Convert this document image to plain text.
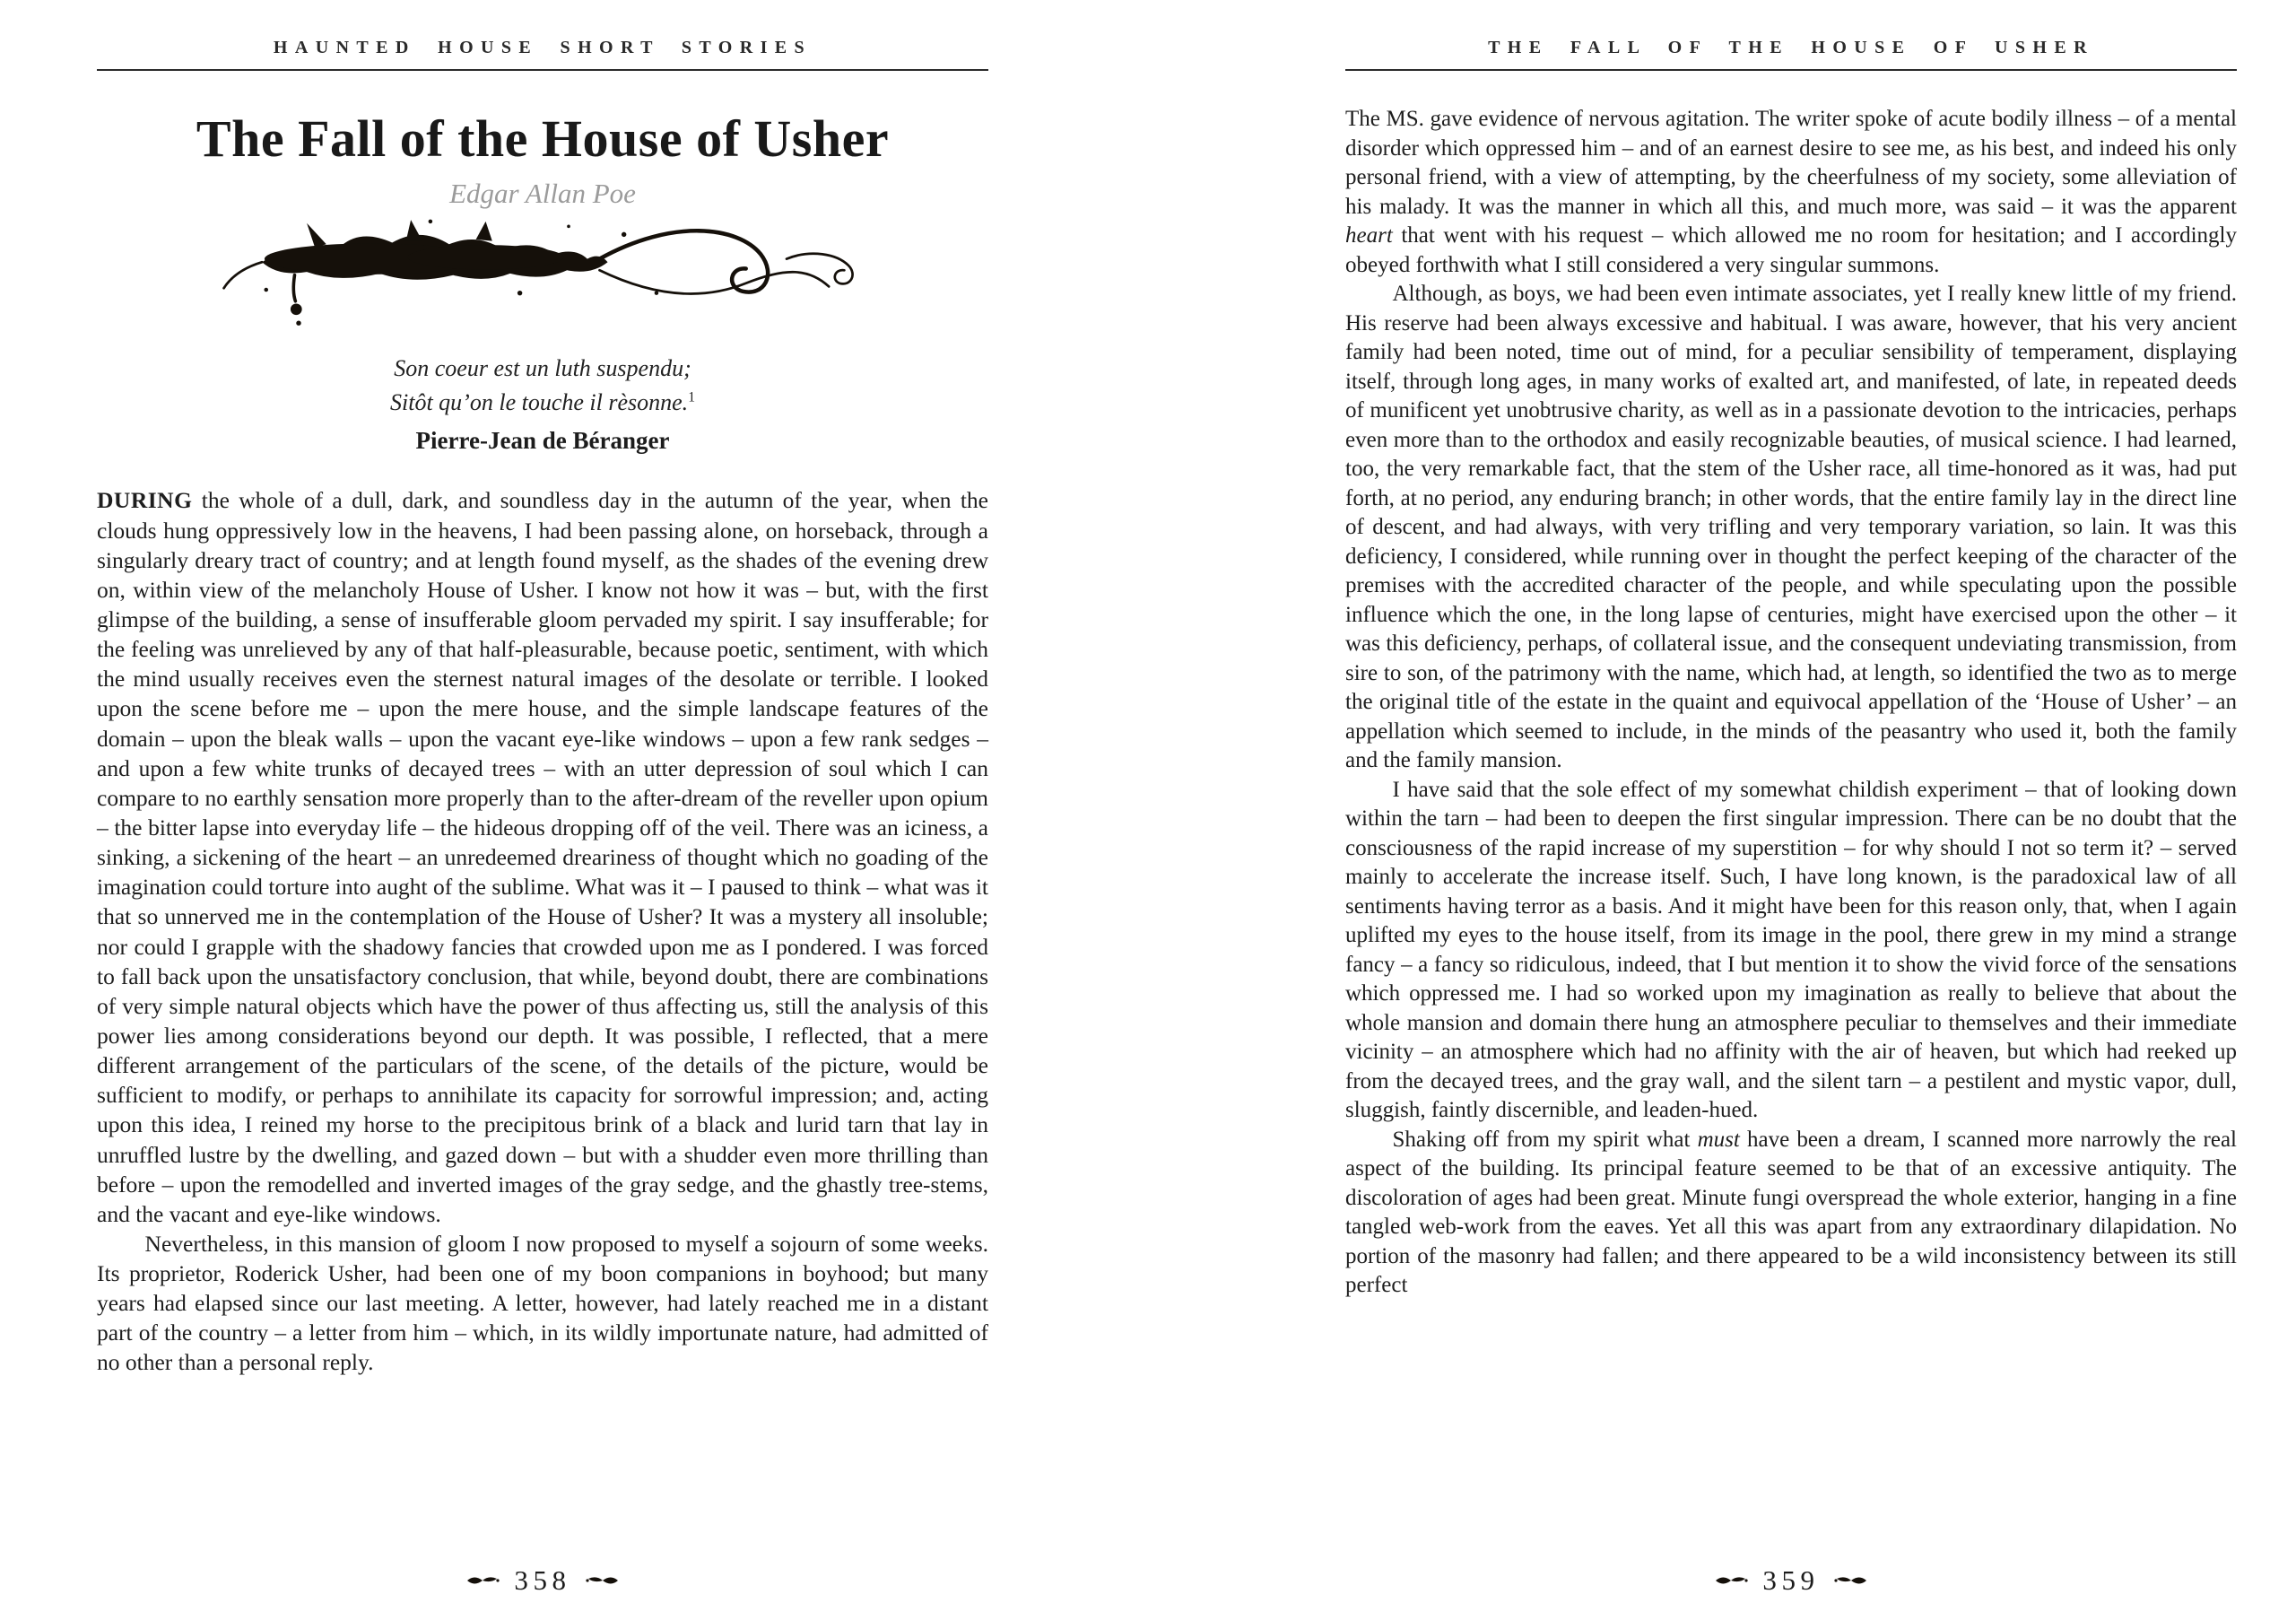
HAUNTED HOUSE SHORT STORIES
The Fall of the House of Usher
Edgar Allan Poe
Son coeur est un luth suspendu;
Sitôt qu’on le touche il rèsonne.$^1$
Pierre-Jean de Béranger

DURING the whole of a dull, dark, and soundless day in the autumn of the year, when the clouds hung oppressively low in the heavens, I had been passing alone, on horseback, through a singularly dreary tract of country; and at length found myself, as the shades of the evening drew on, within view of the melancholy House of Usher. I know not how it was – but, with the first glimpse of the building, a sense of insufferable gloom pervaded my spirit. I say insufferable; for the feeling was unrelieved by any of that half-pleasurable, because poetic, sentiment, with which the mind usually receives even the sternest natural images of the desolate or terrible. I looked upon the scene before me – upon the mere house, and the simple landscape features of the domain – upon the bleak walls – upon the vacant eye-like windows – upon a few rank sedges – and upon a few white trunks of decayed trees – with an utter depression of soul which I can compare to no earthly sensation more properly than to the after-dream of the reveller upon opium – the bitter lapse into everyday life – the hideous dropping off of the veil. There was an iciness, a sinking, a sickening of the heart – an unredeemed dreariness of thought which no goading of the imagination could torture into aught of the sublime. What was it – I paused to think – what was it that so unnerved me in the contemplation of the House of Usher? It was a mystery all insoluble; nor could I grapple with the shadowy fancies that crowded upon me as I pondered. I was forced to fall back upon the unsatisfactory conclusion, that while, beyond doubt, there are combinations of very simple natural objects which have the power of thus affecting us, still the analysis of this power lies among considerations beyond our depth. It was possible, I reflected, that a mere different arrangement of the particulars of the scene, of the details of the picture, would be sufficient to modify, or perhaps to annihilate its capacity for sorrowful impression; and, acting upon this idea, I reined my horse to the precipitous brink of a black and lurid tarn that lay in unruffled lustre by the dwelling, and gazed down – but with a shudder even more thrilling than before – upon the remodelled and inverted images of the gray sedge, and the ghastly tree-stems, and the vacant and eye-like windows.

Nevertheless, in this mansion of gloom I now proposed to myself a sojourn of some weeks. Its proprietor, Roderick Usher, had been one of my boon companions in boyhood; but many years had elapsed since our last meeting. A letter, however, had lately reached me in a distant part of the country – a letter from him – which, in its wildly importunate nature, had admitted of no other than a personal reply.

358
THE FALL OF THE HOUSE OF USHER

The MS. gave evidence of nervous agitation. The writer spoke of acute bodily illness – of a mental disorder which oppressed him – and of an earnest desire to see me, as his best, and indeed his only personal friend, with a view of attempting, by the cheerfulness of my society, some alleviation of his malady. It was the manner in which all this, and much more, was said – it was the apparent heart that went with his request – which allowed me no room for hesitation; and I accordingly obeyed forthwith what I still considered a very singular summons.

Although, as boys, we had been even intimate associates, yet I really knew little of my friend. His reserve had been always excessive and habitual. I was aware, however, that his very ancient family had been noted, time out of mind, for a peculiar sensibility of temperament, displaying itself, through long ages, in many works of exalted art, and manifested, of late, in repeated deeds of munificent yet unobtrusive charity, as well as in a passionate devotion to the intricacies, perhaps even more than to the orthodox and easily recognizable beauties, of musical science. I had learned, too, the very remarkable fact, that the stem of the Usher race, all time-honored as it was, had put forth, at no period, any enduring branch; in other words, that the entire family lay in the direct line of descent, and had always, with very trifling and very temporary variation, so lain. It was this deficiency, I considered, while running over in thought the perfect keeping of the character of the premises with the accredited character of the people, and while speculating upon the possible influence which the one, in the long lapse of centuries, might have exercised upon the other – it was this deficiency, perhaps, of collateral issue, and the consequent undeviating transmission, from sire to son, of the patrimony with the name, which had, at length, so identified the two as to merge the original title of the estate in the quaint and equivocal appellation of the ‘House of Usher’ – an appellation which seemed to include, in the minds of the peasantry who used it, both the family and the family mansion.

I have said that the sole effect of my somewhat childish experiment – that of looking down within the tarn – had been to deepen the first singular impression. There can be no doubt that the consciousness of the rapid increase of my superstition – for why should I not so term it? – served mainly to accelerate the increase itself. Such, I have long known, is the paradoxical law of all sentiments having terror as a basis. And it might have been for this reason only, that, when I again uplifted my eyes to the house itself, from its image in the pool, there grew in my mind a strange fancy – a fancy so ridiculous, indeed, that I but mention it to show the vivid force of the sensations which oppressed me. I had so worked upon my imagination as really to believe that about the whole mansion and domain there hung an atmosphere peculiar to themselves and their immediate vicinity – an atmosphere which had no affinity with the air of heaven, but which had reeked up from the decayed trees, and the gray wall, and the silent tarn – a pestilent and mystic vapor, dull, sluggish, faintly discernible, and leaden-hued.

Shaking off from my spirit what must have been a dream, I scanned more narrowly the real aspect of the building. Its principal feature seemed to be that of an excessive antiquity. The discoloration of ages had been great. Minute fungi overspread the whole exterior, hanging in a fine tangled web-work from the eaves. Yet all this was apart from any extraordinary dilapidation. No portion of the masonry had fallen; and there appeared to be a wild inconsistency between its still perfect

359
